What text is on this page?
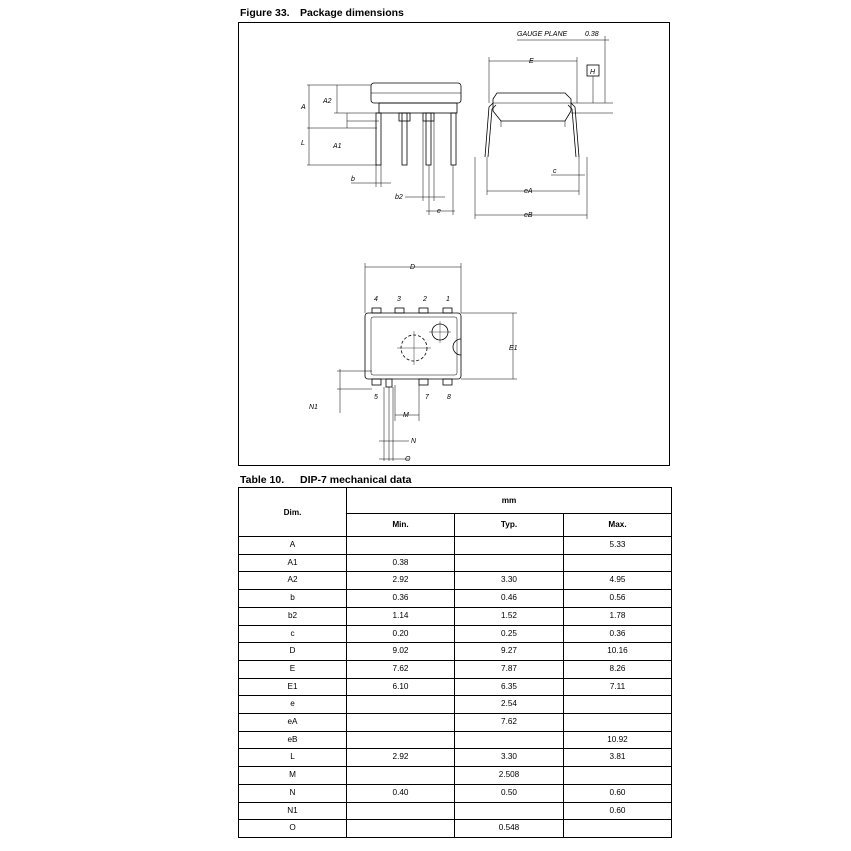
Figure 33. Package dimensions
GAUGE PLANE	0.38
E
H
A
A2
A1
L
b
b2
e
eA
eB
c
D
E1
N1
M
N
O
4	3	2	1
5	7	8
Table 10. DIP-7 mechanical data
Dim.	mm		
	Min.	Typ.	Max.
A			5.33
A1	0.38		
A2	2.92	3.30	4.95
b	0.36	0.46	0.56
b2	1.14	1.52	1.78
c	0.20	0.25	0.36
D	9.02	9.27	10.16
E	7.62	7.87	8.26
E1	6.10	6.35	7.11
e		2.54	
eA		7.62	
eB			10.92
L	2.92	3.30	3.81
M		2.508	
N	0.40	0.50	0.60
N1			0.60
O		0.548	
